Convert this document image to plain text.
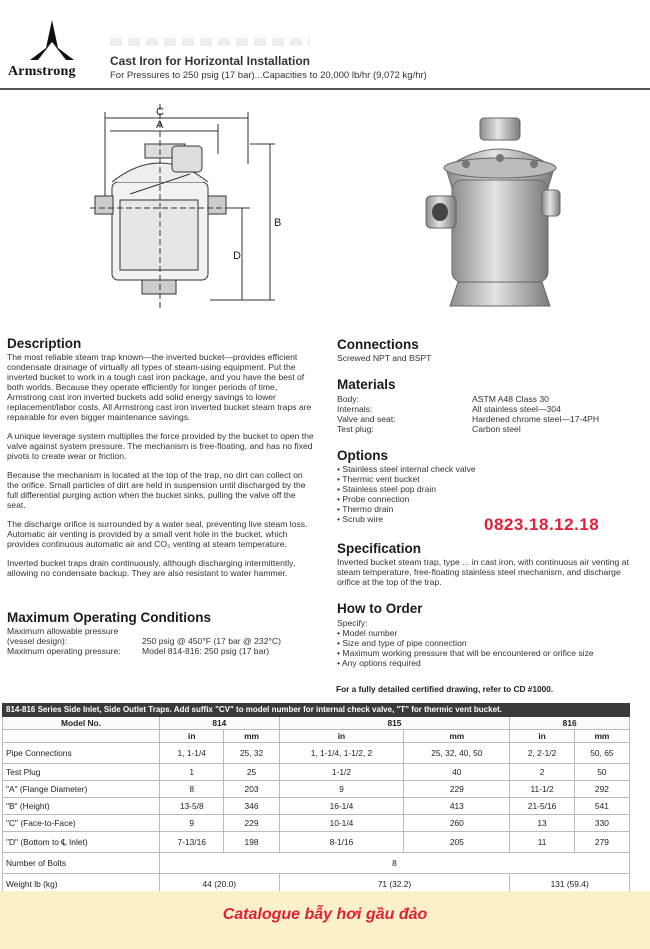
Armstrong
Cast Iron for Horizontal Installation
For Pressures to 250 psig (17 bar)...Capacities to 20,000 lb/hr (9,072 kg/hr)
C
A
B
D
Description

The most reliable steam trap known—the inverted bucket—provides efficient condensate drainage of virtually all types of steam-using equipment. Put the inverted bucket to work in a tough cast iron package, and you have the best of both worlds. Because they operate efficiently for longer periods of time, Armstrong cast iron inverted buckets add solid energy savings to lower replacement/labor costs. All Armstrong cast iron inverted bucket steam traps are repairable for even bigger maintenance savings.

A unique leverage system multiplies the force provided by the bucket to open the valve against system pressure. The mechanism is free-floating, and has no fixed pivots to create wear or friction.

Because the mechanism is located at the top of the trap, no dirt can collect on the orifice. Small particles of dirt are held in suspension until discharged by the full differential purging action when the bucket sinks, pulling the valve off the seat.

The discharge orifice is surrounded by a water seal, preventing live steam loss. Automatic air venting is provided by a small vent hole in the bucket, which provides continuous automatic air and CO₂ venting at steam temperature.

Inverted bucket traps drain continuously, although discharging intermittently, allowing no condensate backup. They are also resistant to water hammer.

Maximum Operating Conditions
Maximum allowable pressure
(vessel design):	250 psig @ 450°F (17 bar @ 232°C)
Maximum operating pressure:	Model 814-816: 250 psig (17 bar)
Connections
Screwed NPT and BSPT
Materials
Body:	ASTM A48 Class 30
Internals:	All stainless steel—304
Valve and seat:	Hardened chrome steel—17-4PH
Test plug:	Carbon steel
Options
• Stainless steel internal check valve
• Thermic vent bucket
• Stainless steel pop drain
• Probe connection
• Thermo drain
• Scrub wire	0823.18.12.18
Specification
Inverted bucket steam trap, type ... in cast iron, with continuous air venting at steam temperature, free-floating stainless steel mechanism, and discharge orifice at the top of the trap.
How to Order
Specify:
• Model number
• Size and type of pipe connection
• Maximum working pressure that will be encountered or orifice size
• Any options required
For a fully detailed certified drawing, refer to CD #1000.
814-816 Series Side Inlet, Side Outlet Traps. Add suffix "CV" to model number for internal check valve, "T" for thermic vent bucket.
Model No.	814		815		816	
	in	mm	in	mm	in	mm
Pipe Connections	1, 1-1/4	25, 32	1, 1-1/4, 1-1/2, 2	25, 32, 40, 50	2, 2-1/2	50, 65
Test Plug	1	25	1-1/2	40	2	50
"A" (Flange Diameter)	8	203	9	229	11-1/2	292
"B" (Height)	13-5/8	346	16-1/4	413	21-5/16	541
"C" (Face-to-Face)	9	229	10-1/4	260	13	330
"D" (Bottom to ℄ Inlet)	7-13/16	198	8-1/16	205	11	279
Number of Bolts	8					
Weight lb (kg)	44 (20.0)		71 (32.2)		131 (59.4)	
Catalogue bẫy hơi gầu đảo
